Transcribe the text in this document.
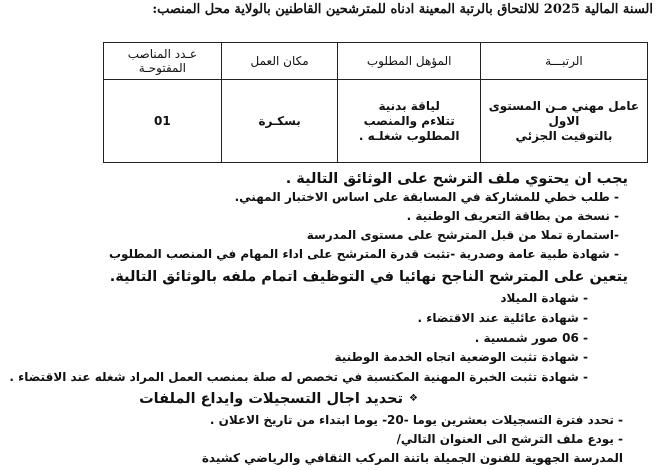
السنة المالية 2025 للالتحاق بالرتبة المعينة ادناه للمترشحين القاطنين بالولاية محل المنصب:
الرتبـــة	المؤهل المطلوب	مكان العمل	عـدد المناصب
المفتوحـة
عامل مهني مـن المستوى الاول
بالتوقيت الجزئي	لياقة بدنية
تتلاءم والمنصب
المطلوب شغلـه .	بسكـرة	01
يجب ان يحتوي ملف الترشح على الوثائق التالية .
- طلب خطي للمشاركة في المسابقة على اساس الاختبار المهني.
- نسخة من بطاقة التعريف الوطنية .
-استمارة تملا من قبل المترشح على مستوى المدرسة
- شهادة طبية عامة وصدرية -تثبت قدرة المترشح على اداء المهام في المنصب المطلوب
يتعين على المترشح الناجح نهائيا في التوظيف اتمام ملفه بالوثائق التالية.
- شهادة الميلاد
- شهادة عائلية عند الاقتضاء .
- 06 صور شمسية .
- شهادة تثبت الوضعية اتجاه الخدمة الوطنية
- شهادة تثبت الخبرة المهنية المكتسبة في تخصص له صلة بمنصب العمل المراد شغله عند الاقتضاء .
❖تحديد اجال التسجيلات وايداع الملفات
- تحدد فترة التسجيلات بعشرين يوما -20- يوما ابتداء من تاريخ الاعلان .
- يودع ملف الترشح الى العنوان التالي/
المدرسة الجهوية للفنون الجميلة باتنة المركب الثقافي والرياضي كشيدة
